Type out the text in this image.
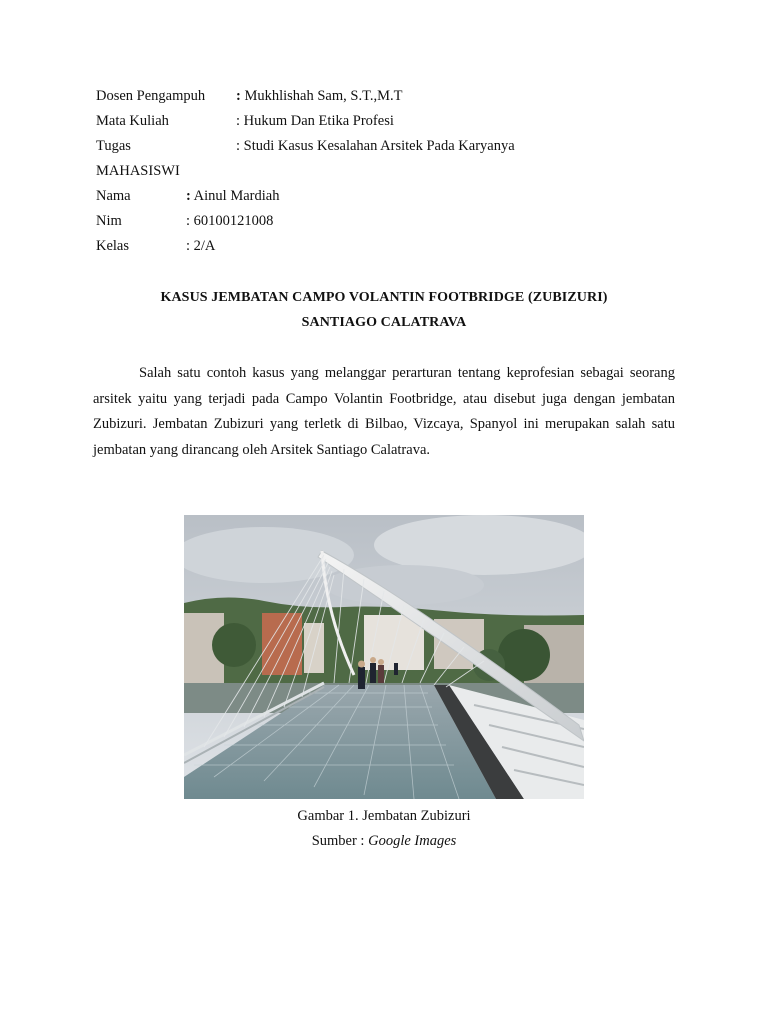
Dosen Pengampuh : Mukhlishah Sam, S.T.,M.T
Mata Kuliah	: Hukum Dan Etika Profesi
Tugas	: Studi Kasus Kesalahan Arsitek Pada Karyanya
MAHASISWI
Nama	: Ainul Mardiah
Nim	: 60100121008
Kelas	: 2/A
KASUS JEMBATAN CAMPO VOLANTIN FOOTBRIDGE (ZUBIZURI)
SANTIAGO CALATRAVA
Salah satu contoh kasus yang melanggar perarturan tentang keprofesian sebagai seorang arsitek yaitu yang terjadi pada Campo Volantin Footbridge, atau disebut juga dengan jembatan Zubizuri. Jembatan Zubizuri yang terletk di Bilbao, Vizcaya, Spanyol ini merupakan salah satu jembatan yang dirancang oleh Arsitek Santiago Calatrava.
Gambar 1. Jembatan Zubizuri
Sumber : Google Images
